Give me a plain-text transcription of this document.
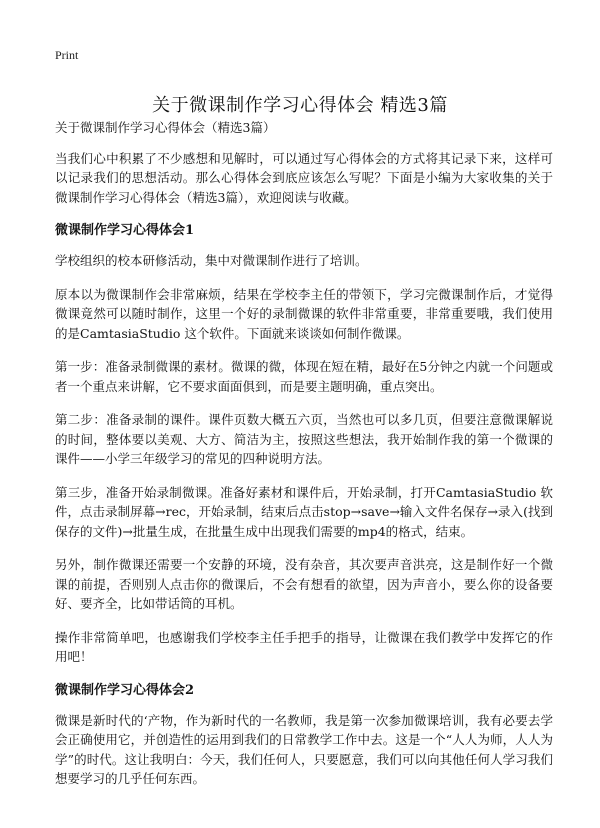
Print
关于微课制作学习心得体会 精选3篇

关于微课制作学习心得体会（精选3篇）

当我们心中积累了不少感想和见解时，可以通过写心得体会的方式将其记录下来，这样可以记录我们的思想活动。那么心得体会到底应该怎么写呢？下面是小编为大家收集的关于微课制作学习心得体会（精选3篇），欢迎阅读与收藏。

微课制作学习心得体会1

学校组织的校本研修活动，集中对微课制作进行了培训。

原本以为微课制作会非常麻烦，结果在学校李主任的带领下，学习完微课制作后，才觉得微课竟然可以随时制作，这里一个好的录制微课的软件非常重要，非常重要哦，我们使用的是CamtasiaStudio 这个软件。下面就来谈谈如何制作微课。

第一步：准备录制微课的素材。微课的微，体现在短在精，最好在5分钟之内就一个问题或者一个重点来讲解，它不要求面面俱到，而是要主题明确，重点突出。

第二步：准备录制的课件。课件页数大概五六页，当然也可以多几页，但要注意微课解说的时间，整体要以美观、大方、简洁为主，按照这些想法，我开始制作我的第一个微课的课件——小学三年级学习的常见的四种说明方法。

第三步，准备开始录制微课。准备好素材和课件后，开始录制，打开CamtasiaStudio 软件，点击录制屏幕→rec，开始录制，结束后点击stop→save→输入文件名保存→录入(找到保存的文件)→批量生成，在批量生成中出现我们需要的mp4的格式，结束。

另外，制作微课还需要一个安静的环境，没有杂音，其次要声音洪亮，这是制作好一个微课的前提，否则别人点击你的微课后，不会有想看的欲望，因为声音小，要么你的设备要好、要齐全，比如带话筒的耳机。

操作非常简单吧，也感谢我们学校李主任手把手的指导，让微课在我们教学中发挥它的作用吧！

微课制作学习心得体会2

微课是新时代的‘产物，作为新时代的一名教师，我是第一次参加微课培训，我有必要去学会正确使用它，并创造性的运用到我们的日常教学工作中去。这是一个“人人为师，人人为学”的时代。这让我明白：今天，我们任何人，只要愿意，我们可以向其他任何人学习我们想要学习的几乎任何东西。
